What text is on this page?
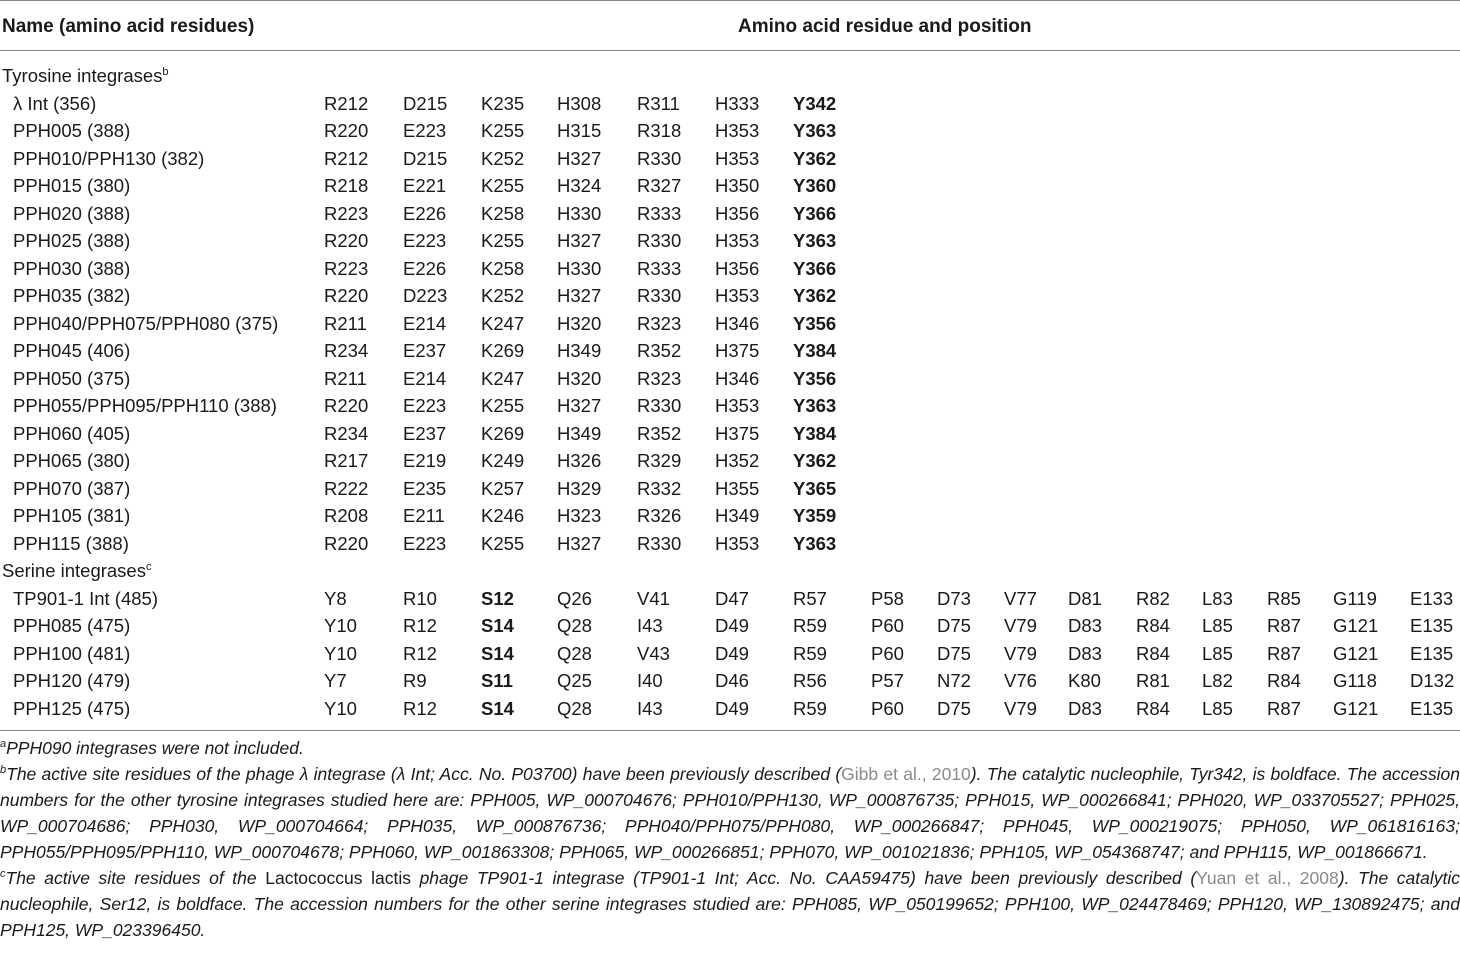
Name (amino acid residues)	Amino acid residue and position
Tyrosine integrases$^b$
λ Int (356)	R212 D215 K235 H308 R311 H333 Y342
PPH005 (388)	R220 E223 K255 H315 R318 H353 Y363
PPH010/PPH130 (382)	R212 D215 K252 H327 R330 H353 Y362
PPH015 (380)	R218 E221 K255 H324 R327 H350 Y360
PPH020 (388)	R223 E226 K258 H330 R333 H356 Y366
PPH025 (388)	R220 E223 K255 H327 R330 H353 Y363
PPH030 (388)	R223 E226 K258 H330 R333 H356 Y366
PPH035 (382)	R220 D223 K252 H327 R330 H353 Y362
PPH040/PPH075/PPH080 (375) R211 E214 K247 H320 R323 H346 Y356
PPH045 (406)	R234 E237 K269 H349 R352 H375 Y384
PPH050 (375)	R211 E214 K247 H320 R323 H346 Y356
PPH055/PPH095/PPH110 (388)	R220 E223 K255 H327 R330 H353 Y363
PPH060 (405)	R234 E237 K269 H349 R352 H375 Y384
PPH065 (380)	R217 E219 K249 H326 R329 H352 Y362
PPH070 (387)	R222 E235 K257 H329 R332 H355 Y365
PPH105 (381)	R208 E211 K246 H323 R326 H349 Y359
PPH115 (388)	R220 E223 K255 H327 R330 H353 Y363
Serine integrases$^c$
TP901-1 Int (485)	Y8	R10 S12 Q26 V41 D47 R57 P58 D73 V77 D81 R82 L83 R85 G119 E133
PPH085 (475)	Y10 R12 S14 Q28 I43	D49 R59 P60 D75 V79 D83 R84 L85 R87 G121 E135
PPH100 (481)	Y10 R12 S14 Q28 V43 D49 R59 P60 D75 V79 D83 R84 L85 R87 G121 E135
PPH120 (479)	Y7	R9	S11 Q25 I40	D46 R56 P57 N72 V76 K80 R81 L82 R84 G118 D132
PPH125 (475)	Y10 R12 S14 Q28 I43	D49 R59 P60 D75 V79 D83 R84 L85 R87 G121 E135
$^a$PPH090 integrases were not included.
$^b$The active site residues of the phage λ integrase (λ Int; Acc. No. P03700) have been previously described (Gibb et al., 2010). The catalytic nucleophile, Tyr342, is boldface. The accession numbers for the other tyrosine integrases studied here are: PPH005, WP_000704676; PPH010/PPH130, WP_000876735; PPH015, WP_000266841; PPH020, WP_033705527; PPH025, WP_000704686; PPH030, WP_000704664; PPH035, WP_000876736; PPH040/PPH075/PPH080, WP_000266847; PPH045, WP_000219075; PPH050, WP_061816163; PPH055/PPH095/PPH110, WP_000704678; PPH060, WP_001863308; PPH065, WP_000266851; PPH070, WP_001021836; PPH105, WP_054368747; and PPH115, WP_001866671.
$^c$The active site residues of the Lactococcus lactis phage TP901-1 integrase (TP901-1 Int; Acc. No. CAA59475) have been previously described (Yuan et al., 2008). The catalytic nucleophile, Ser12, is boldface. The accession numbers for the other serine integrases studied are: PPH085, WP_050199652; PPH100, WP_024478469; PPH120, WP_130892475; and PPH125, WP_023396450.
